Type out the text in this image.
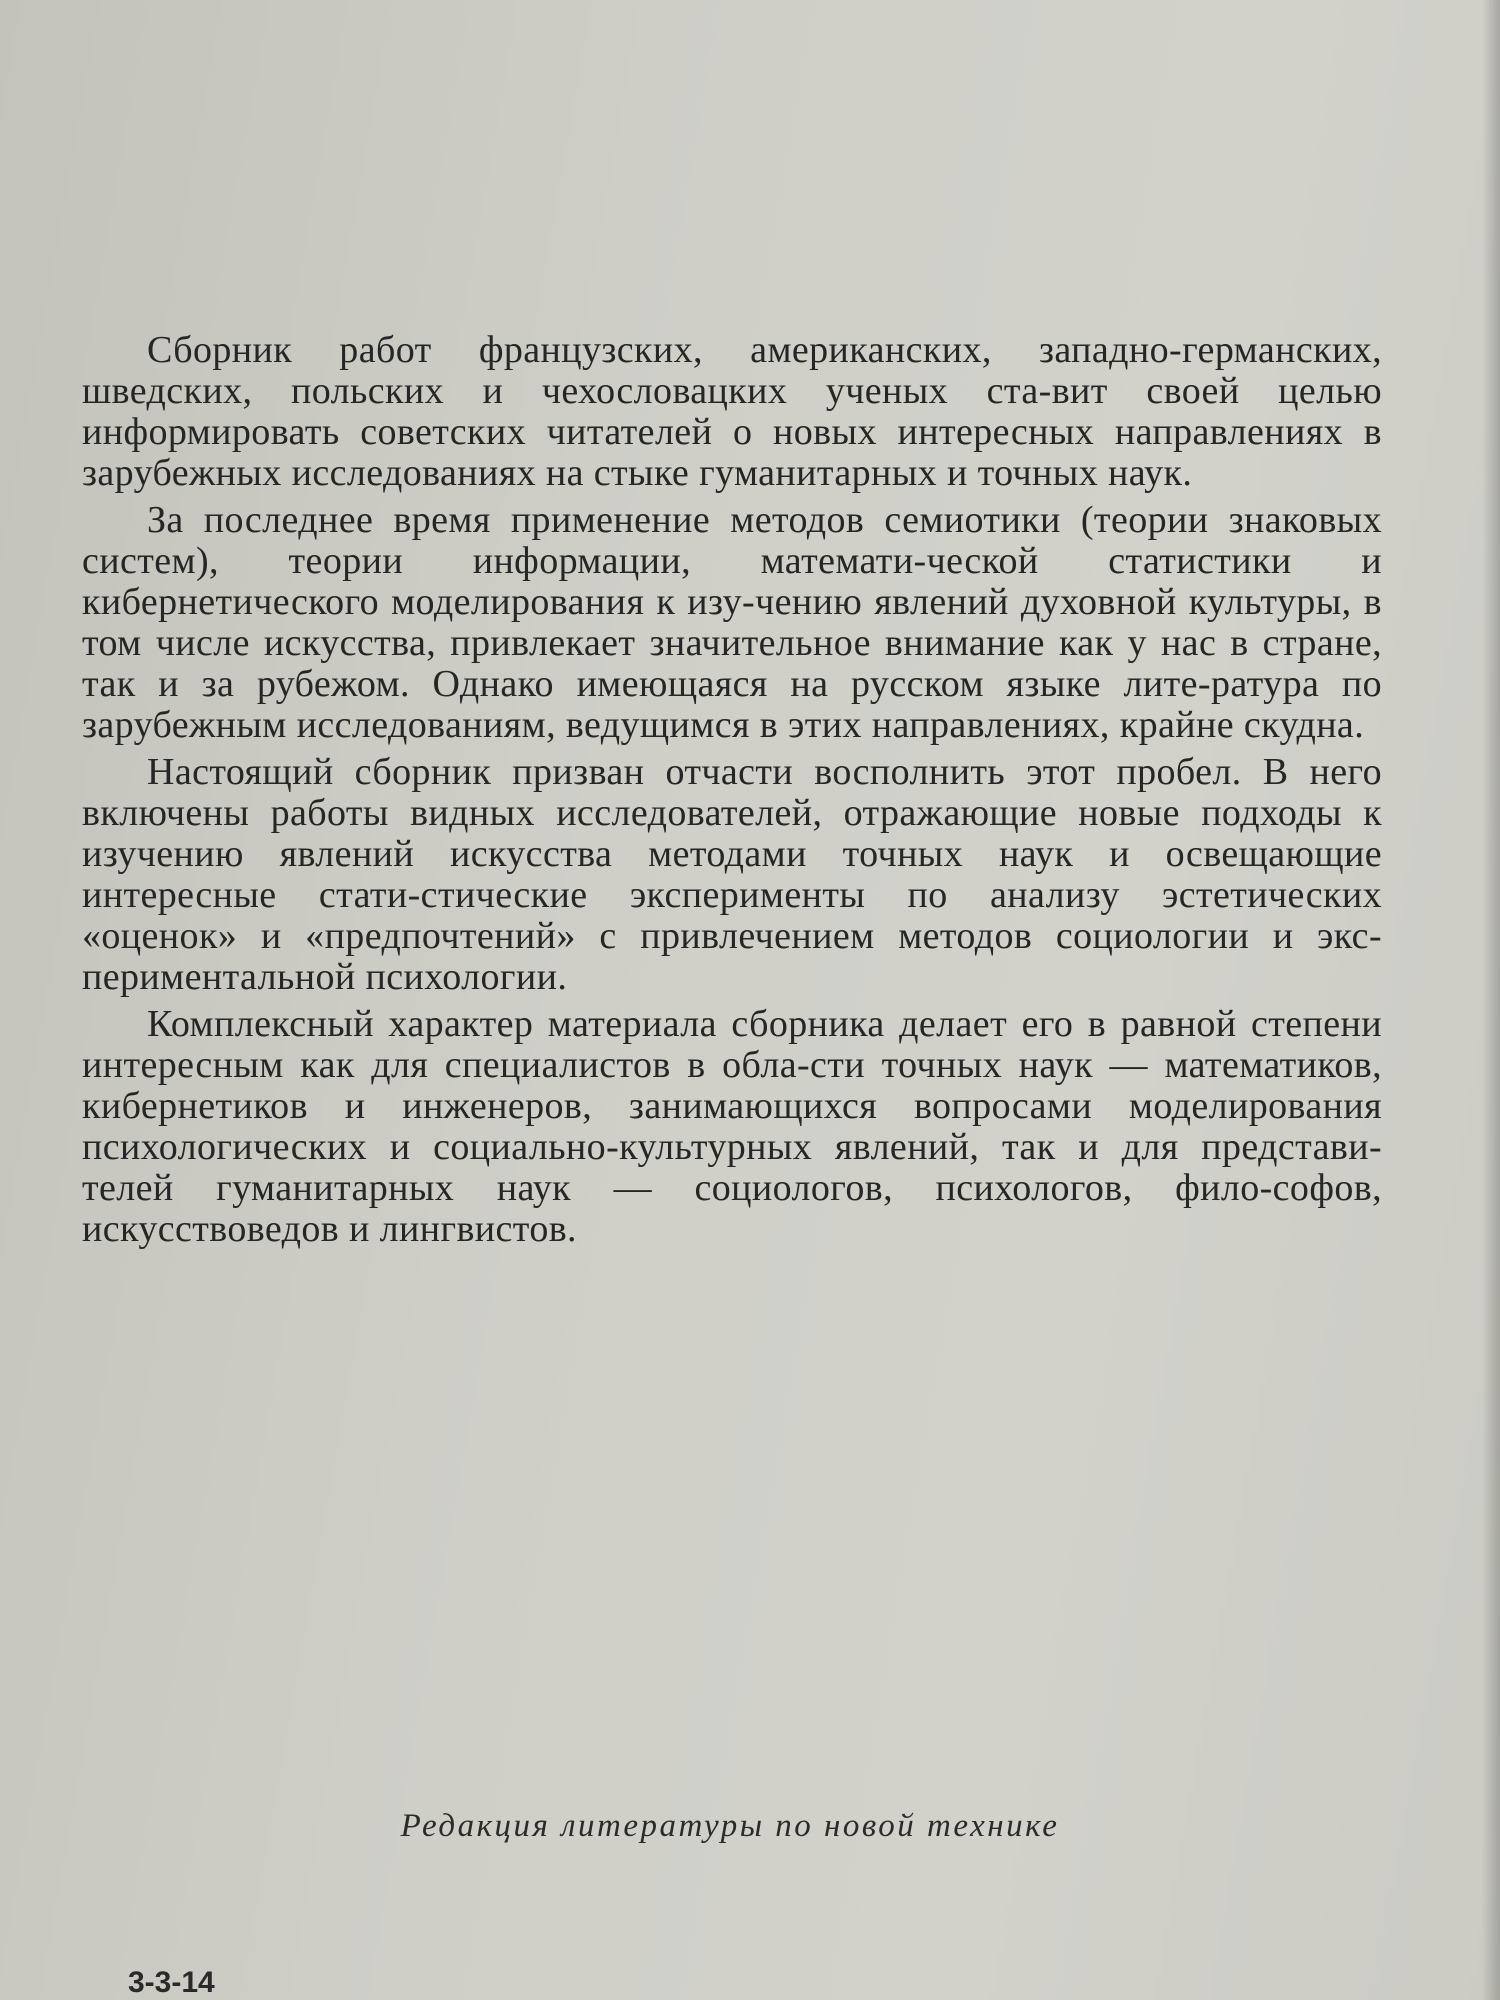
Сборник работ французских, американских, западно-германских, шведских, польских и чехословацких ученых ста-вит своей целью информировать советских читателей о новых интересных направлениях в зарубежных исследованиях на стыке гуманитарных и точных наук.

За последнее время применение методов семиотики (теории знаковых систем), теории информации, математи-ческой статистики и кибернетического моделирования к изу-чению явлений духовной культуры, в том числе искусства, привлекает значительное внимание как у нас в стране, так и за рубежом. Однако имеющаяся на русском языке лите-ратура по зарубежным исследованиям, ведущимся в этих направлениях, крайне скудна.

Настоящий сборник призван отчасти восполнить этот пробел. В него включены работы видных исследователей, отражающие новые подходы к изучению явлений искусства методами точных наук и освещающие интересные стати-стические эксперименты по анализу эстетических «оценок» и «предпочтений» с привлечением методов социологии и экс-периментальной психологии.

Комплексный характер материала сборника делает его в равной степени интересным как для специалистов в обла-сти точных наук — математиков, кибернетиков и инженеров, занимающихся вопросами моделирования психологических и социально-культурных явлений, так и для представи-телей гуманитарных наук — социологов, психологов, фило-софов, искусствоведов и лингвистов.

Редакция литературы по новой технике
3-3-14
